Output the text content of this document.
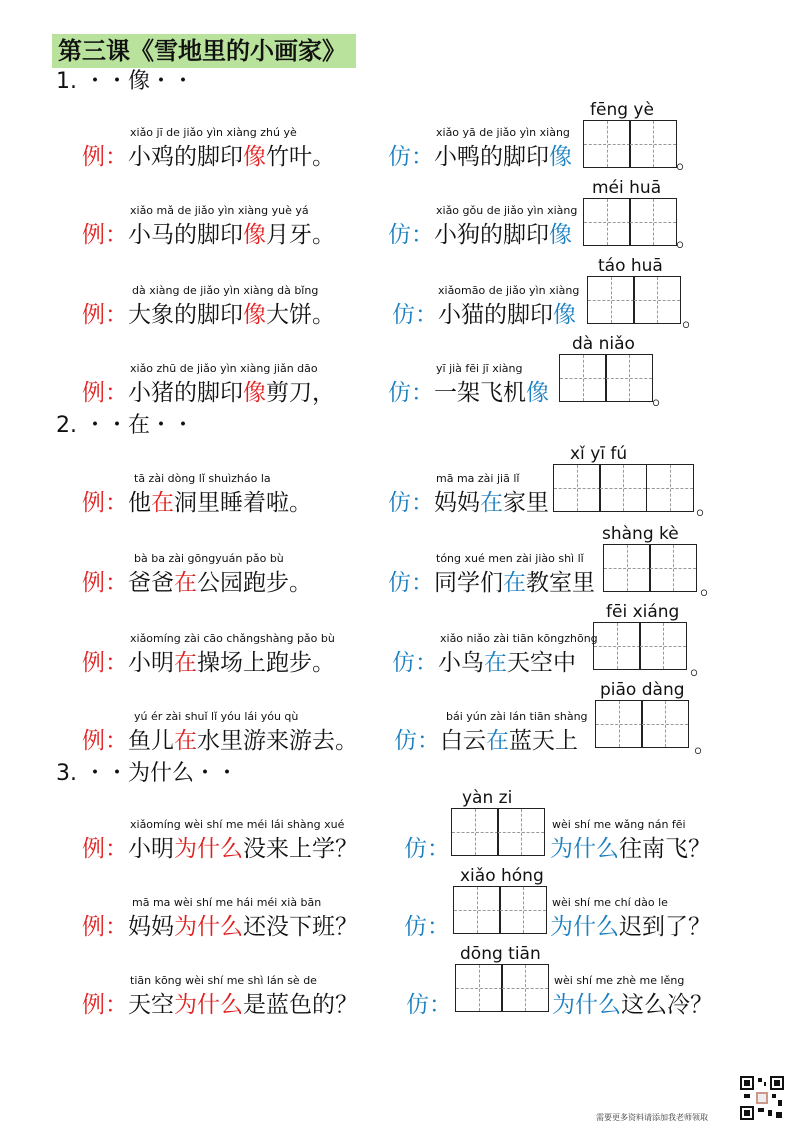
第三课《雪地里的小画家》
1. ・・像・・
2. ・・在・・
3. ・・为什么・・
xiǎo jī de jiǎo yìn xiàng zhú yè
例：小鸡的脚印像竹叶。
xiǎo yā de jiǎo yìn xiàng
仿：小鸭的脚印像
fēng yè
。
xiǎo mǎ de jiǎo yìn xiàng yuè yá
例：小马的脚印像月牙。
xiǎo gǒu de jiǎo yìn xiàng
仿：小狗的脚印像
méi huā
。
dà xiàng de jiǎo yìn xiàng dà bǐng
例：大象的脚印像大饼。
xiǎomāo de jiǎo yìn xiàng
仿：小猫的脚印像
táo huā
。
xiǎo zhū de jiǎo yìn xiàng jiǎn dāo
例：小猪的脚印像剪刀，
yī jià fēi jī xiàng
仿：一架飞机像
dà niǎo
。
tā zài dòng lǐ shuìzháo la
例：他在洞里睡着啦。
mā ma zài jiā lǐ
仿：妈妈在家里
xǐ yī fú
。
bà ba zài gōngyuán pǎo bù
例：爸爸在公园跑步。
tóng xué men zài jiào shì lǐ
仿：同学们在教室里
shàng kè
。
xiǎomíng zài cāo chǎngshàng pǎo bù
例：小明在操场上跑步。
xiǎo niǎo zài tiān kōngzhōng
仿：小鸟在天空中
fēi xiáng
。
yú ér zài shuǐ lǐ yóu lái yóu qù
例：鱼儿在水里游来游去。
bái yún zài lán tiān shàng
仿：白云在蓝天上
piāo dàng
。
xiǎomíng wèi shí me méi lái shàng xué
例：小明为什么没来上学？ 仿：
yàn zi
wèi shí me wǎng nán fēi
为什么往南飞？
mā ma wèi shí me hái méi xià bān
例：妈妈为什么还没下班？ 仿：
xiǎo hóng
wèi shí me chí dào le
为什么迟到了？
tiān kōng wèi shí me shì lán sè de
例：天空为什么是蓝色的？ 仿：
dōng tiān
wèi shí me zhè me lěng
为什么这么冷？
需要更多资料请添加我老师领取
